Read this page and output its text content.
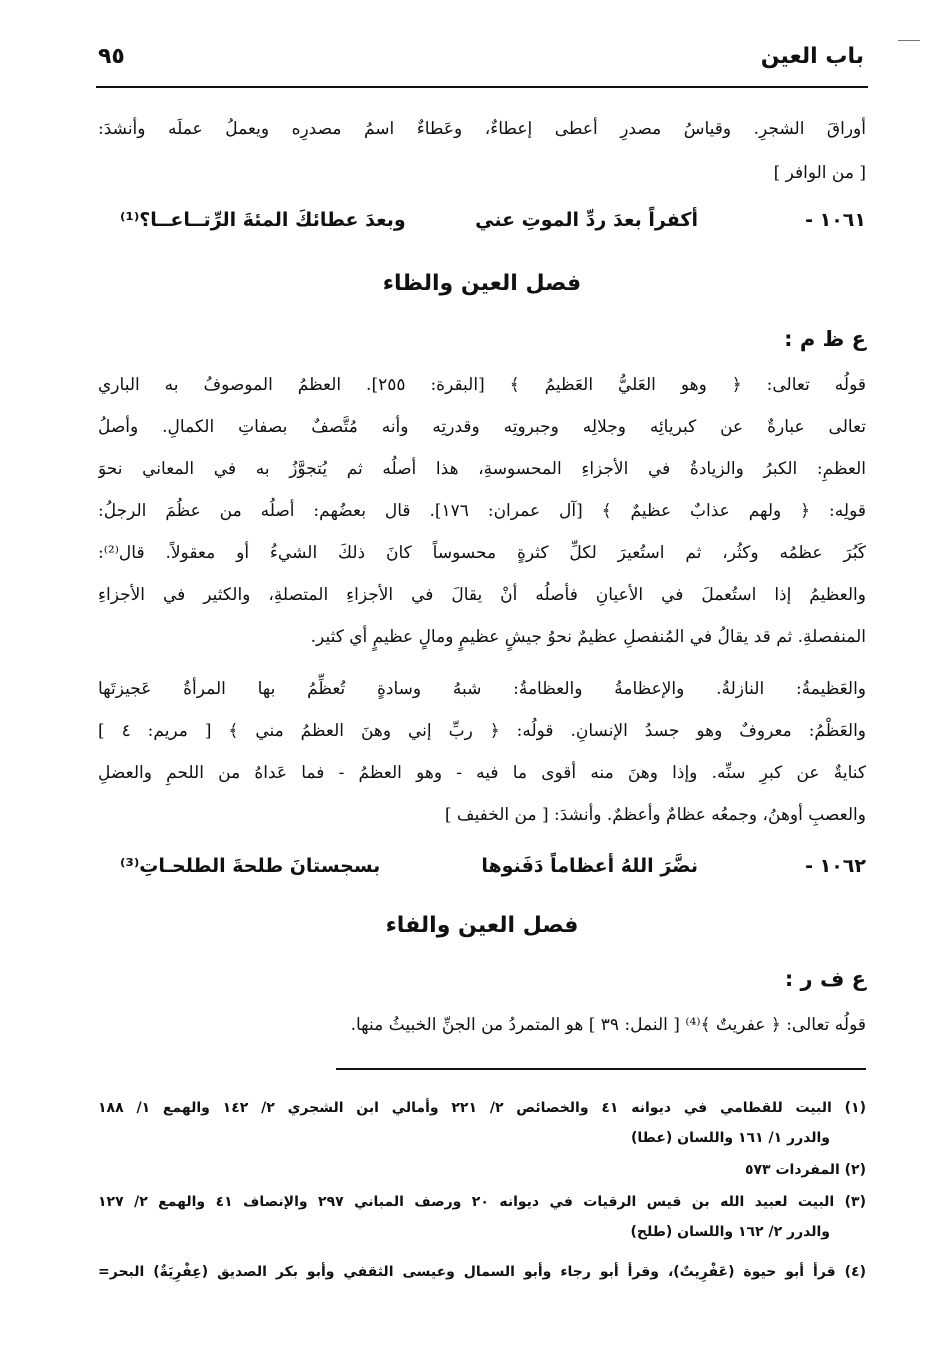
باب العين
٩٥
أوراقَ الشجرِ. وقياسُ مصدرِ أعطى إعطاءٌ، وعَطاءٌ اسمُ مصدرِه ويعملُ عملَه وأنشدَ:
[ من الوافر ]
١٠٦١ -
أكفراً بعدَ ردِّ الموتِ عني
وبعدَ عطائكَ المئةَ الرِّتــاعــا؟⁽¹⁾
فصل العين والظاء
ع ظ م :
قولُه تعالى: ﴿ وهو العَليُّ العَظيمُ ﴾ [البقرة: ٢٥٥]. العظمُ الموصوفُ به الباري
تعالى عبارةٌ عن كبريائِه وجلالِه وجبروتِه وقدرتِه وأنه مُتَّصفٌ بصفاتِ الكمالِ. وأصلُ
العظمِ: الكبرُ والزيادةُ في الأجزاءِ المحسوسةِ، هذا أصلُه ثم يُتجوَّزُ به في المعاني نحوَ
قولِه: ﴿ ولهم عذابٌ عظيمٌ ﴾ [آل عمران: ١٧٦]. قال بعضُهم: أصلُه من عظُمَ الرجلُ:
كَبُرَ عظمُه وكثُر، ثم استُعيرَ لكلِّ كثرةٍ محسوساً كانَ ذلكَ الشيءُ أو معقولاً. قال⁽²⁾:
والعظيمُ إذا استُعملَ في الأعيانِ فأصلُه أنْ يقالَ في الأجزاءِ المتصلةِ، والكثير في الأجزاءِ
المنفصلةِ. ثم قد يقالُ في المُنفصلِ عظيمٌ نحوُ جيشٍ عظيمٍ ومالٍ عظيمٍ أي كثير.
والعَظيمةُ: النازلةُ. والإعظامةُ والعظامةُ: شبهُ وسادةٍ تُعظِّمُ بها المرأةُ عَجيزتَها
والعَظْمُ: معروفٌ وهو جسدُ الإنسانِ. قولُه: ﴿ ربِّ إني وهنَ العظمُ مني ﴾ [ مريم: ٤ ]
كنايةٌ عن كبرِ سنِّه. وإذا وهنَ منه أقوى ما فيه - وهو العظمُ - فما عَداهُ من اللحمِ والعضلِ
والعصبِ أوهنُ، وجمعُه عظامٌ وأعظمٌ. وأنشدَ: [ من الخفيف ]
١٠٦٢ -
نضَّرَ اللهُ أعظاماً دَفَنوها
بسجستانَ طلحةَ الطلحـاتِ⁽³⁾
فصل العين والفاء
ع ف ر :
قولُه تعالى: ﴿ عفريتٌ ﴾⁽⁴⁾ [ النمل: ٣٩ ] هو المتمردُ من الجنِّ الخبيثُ منها.
(١) البيت للقطامي في ديوانه ٤١ والخصائص ٢/ ٢٢١ وأمالي ابن الشجري ٢/ ١٤٢ والهمع ١/ ١٨٨
والدرر ١/ ١٦١ واللسان (عطا)
(٢) المفردات ٥٧٣
(٣) البيت لعبيد الله بن قيس الرقيات في ديوانه ٢٠ ورصف المباني ٢٩٧ والإنصاف ٤١ والهمع ٢/ ١٢٧
والدرر ٢/ ١٦٢ واللسان (طلح)
(٤) قرأ أبو حيوة (عَفْرِيتٌ)، وقرأ أبو رجاء وأبو السمال وعيسى الثقفي وأبو بكر الصديق (عِفْرِيَةٌ) البحر=
